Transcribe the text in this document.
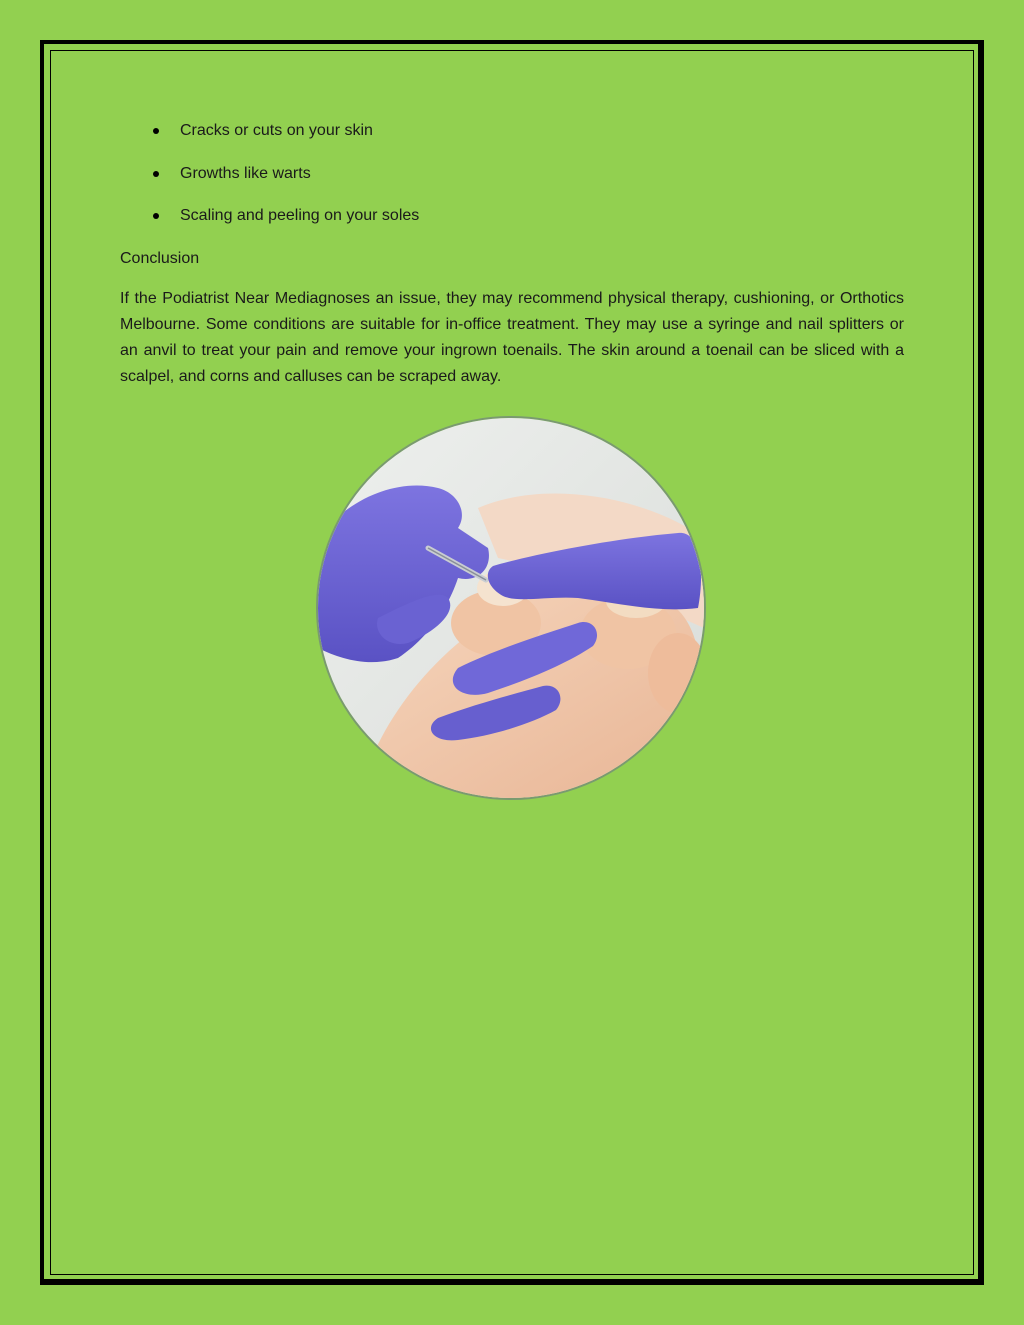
Cracks or cuts on your skin
Growths like warts
Scaling and peeling on your soles

Conclusion

If the Podiatrist Near Mediagnoses an issue, they may recommend physical therapy, cushioning, or Orthotics Melbourne. Some conditions are suitable for in-office treatment. They may use a syringe and nail splitters or an anvil to treat your pain and remove your ingrown toenails. The skin around a toenail can be sliced with a scalpel, and corns and calluses can be scraped away.
